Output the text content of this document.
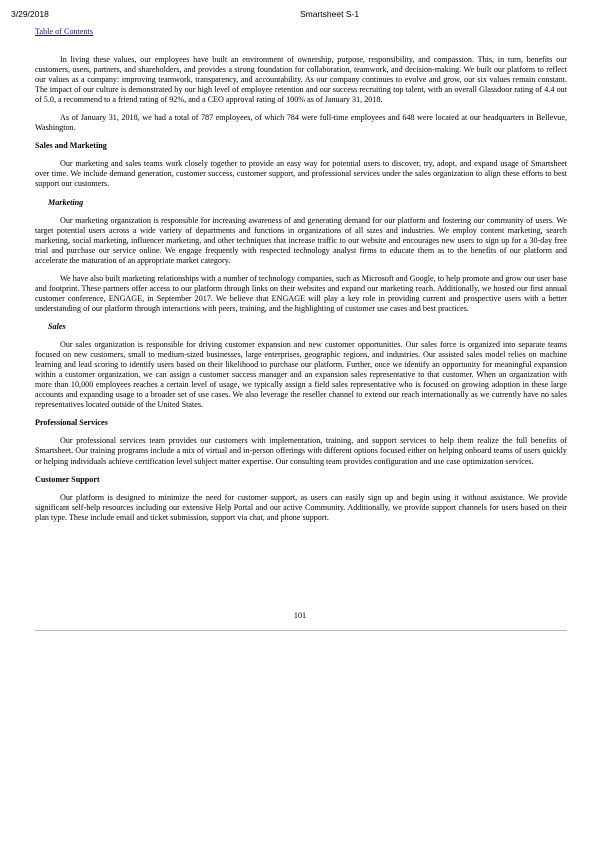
3/29/2018	Smartsheet S-1
Table of Contents

In living these values, our employees have built an environment of ownership, purpose, responsibility, and compassion. This, in turn, benefits our customers, users, partners, and shareholders, and provides a strong foundation for collaboration, teamwork, and decision-making. We built our platform to reflect our values as a company: improving teamwork, transparency, and accountability. As our company continues to evolve and grow, our six values remain constant. The impact of our culture is demonstrated by our high level of employee retention and our success recruiting top talent, with an overall Glassdoor rating of 4.4 out of 5.0, a recommend to a friend rating of 92%, and a CEO approval rating of 100% as of January 31, 2018.

As of January 31, 2018, we had a total of 787 employees, of which 784 were full-time employees and 648 were located at our headquarters in Bellevue, Washington.

Sales and Marketing

Our marketing and sales teams work closely together to provide an easy way for potential users to discover, try, adopt, and expand usage of Smartsheet over time. We include demand generation, customer success, customer support, and professional services under the sales organization to align these efforts to best support our customers.

Marketing

Our marketing organization is responsible for increasing awareness of and generating demand for our platform and fostering our community of users. We target potential users across a wide variety of departments and functions in organizations of all sizes and industries. We employ content marketing, search marketing, social marketing, influencer marketing, and other techniques that increase traffic to our website and encourages new users to sign up for a 30-day free trial and purchase our service online. We engage frequently with respected technology analyst firms to educate them as to the benefits of our platform and accelerate the maturation of an appropriate market category.

We have also built marketing relationships with a number of technology companies, such as Microsoft and Google, to help promote and grow our user base and footprint. These partners offer access to our platform through links on their websites and expand our marketing reach. Additionally, we hosted our first annual customer conference, ENGAGE, in September 2017. We believe that ENGAGE will play a key role in providing current and prospective users with a better understanding of our platform through interactions with peers, training, and the highlighting of customer use cases and best practices.

Sales

Our sales organization is responsible for driving customer expansion and new customer opportunities. Our sales force is organized into separate teams focused on new customers, small to medium-sized businesses, large enterprises, geographic regions, and industries. Our assisted sales model relies on machine learning and lead scoring to identify users based on their likelihood to purchase our platform. Further, once we identify an opportunity for meaningful expansion within a customer organization, we can assign a customer success manager and an expansion sales representative to that customer. When an organization with more than 10,000 employees reaches a certain level of usage, we typically assign a field sales representative who is focused on growing adoption in these large accounts and expanding usage to a broader set of use cases. We also leverage the reseller channel to extend our reach internationally as we currently have no sales representatives located outside of the United States.

Professional Services

Our professional services team provides our customers with implementation, training, and support services to help them realize the full benefits of Smartsheet. Our training programs include a mix of virtual and in-person offerings with different options focused either on helping onboard teams of users quickly or helping individuals achieve certification level subject matter expertise. Our consulting team provides configuration and use case optimization services.

Customer Support

Our platform is designed to minimize the need for customer support, as users can easily sign up and begin using it without assistance. We provide significant self-help resources including our extensive Help Portal and our active Community. Additionally, we provide support channels for users based on their plan type. These include email and ticket submission, support via chat, and phone support.

101
